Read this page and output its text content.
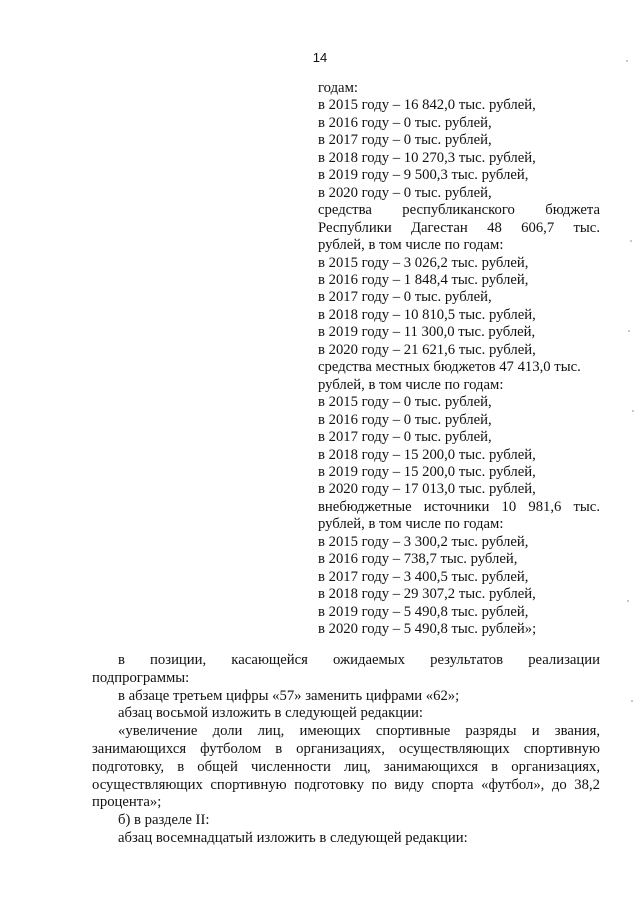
14
годам:
в 2015 году – 16 842,0 тыс. рублей,
в 2016 году – 0 тыс. рублей,
в 2017 году – 0 тыс. рублей,
в 2018 году – 10 270,3 тыс. рублей,
в 2019 году – 9 500,3 тыс. рублей,
в 2020 году – 0 тыс. рублей,
средства республиканского бюджета
Республики Дагестан 48 606,7 тыс.
рублей, в том числе по годам:
в 2015 году – 3 026,2 тыс. рублей,
в 2016 году – 1 848,4 тыс. рублей,
в 2017 году – 0 тыс. рублей,
в 2018 году – 10 810,5 тыс. рублей,
в 2019 году – 11 300,0 тыс. рублей,
в 2020 году – 21 621,6 тыс. рублей,
средства местных бюджетов 47 413,0 тыс.
рублей, в том числе по годам:
в 2015 году – 0 тыс. рублей,
в 2016 году – 0 тыс. рублей,
в 2017 году – 0 тыс. рублей,
в 2018 году – 15 200,0 тыс. рублей,
в 2019 году – 15 200,0 тыс. рублей,
в 2020 году – 17 013,0 тыс. рублей,
внебюджетные источники 10 981,6 тыс.
рублей, в том числе по годам:
в 2015 году – 3 300,2 тыс. рублей,
в 2016 году – 738,7 тыс. рублей,
в 2017 году – 3 400,5 тыс. рублей,
в 2018 году – 29 307,2 тыс. рублей,
в 2019 году – 5 490,8 тыс. рублей,
в 2020 году – 5 490,8 тыс. рублей»;
в позиции, касающейся ожидаемых результатов реализации
подпрограммы:
в абзаце третьем цифры «57» заменить цифрами «62»;
абзац восьмой изложить в следующей редакции:
«увеличение доли лиц, имеющих спортивные разряды и звания, занимающихся футболом в организациях, осуществляющих спортивную подготовку, в общей численности лиц, занимающихся в организациях, осуществляющих спортивную подготовку по виду спорта «футбол», до 38,2 процента»;
б) в разделе II:
абзац восемнадцатый изложить в следующей редакции:
